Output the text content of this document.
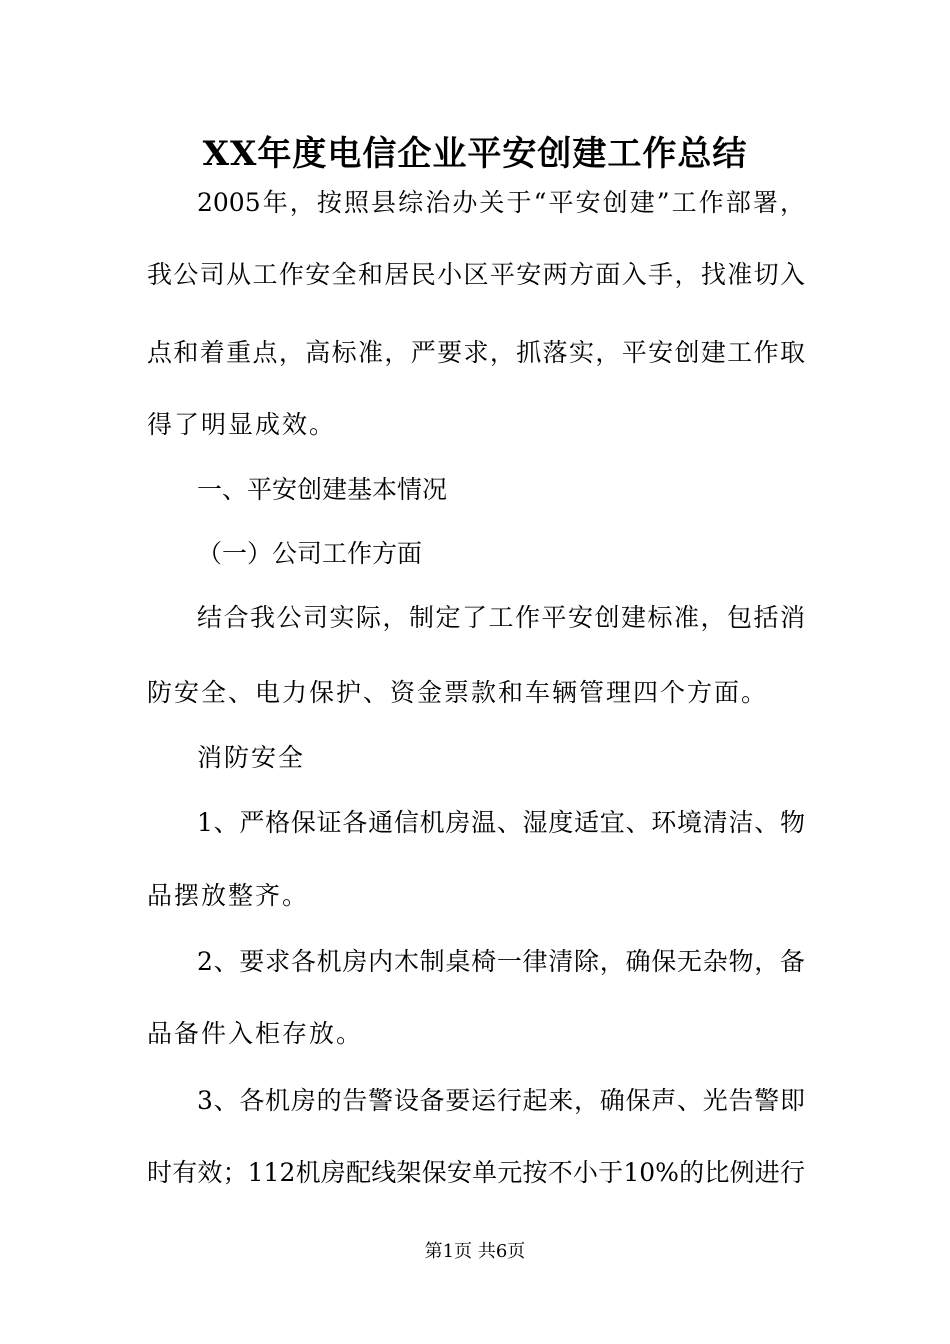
XX年度电信企业平安创建工作总结
2005年，按照县综治办关于“平安创建”工作部署，
我公司从工作安全和居民小区平安两方面入手，找准切入
点和着重点，高标准，严要求，抓落实，平安创建工作取
得了明显成效。
一、平安创建基本情况
（一）公司工作方面
结合我公司实际，制定了工作平安创建标准，包括消
防安全、电力保护、资金票款和车辆管理四个方面。
消防安全
1、严格保证各通信机房温、湿度适宜、环境清洁、物
品摆放整齐。
2、要求各机房内木制桌椅一律清除，确保无杂物，备
品备件入柜存放。
3、各机房的告警设备要运行起来，确保声、光告警即
时有效；112机房配线架保安单元按不小于10%的比例进行
第1页 共6页
